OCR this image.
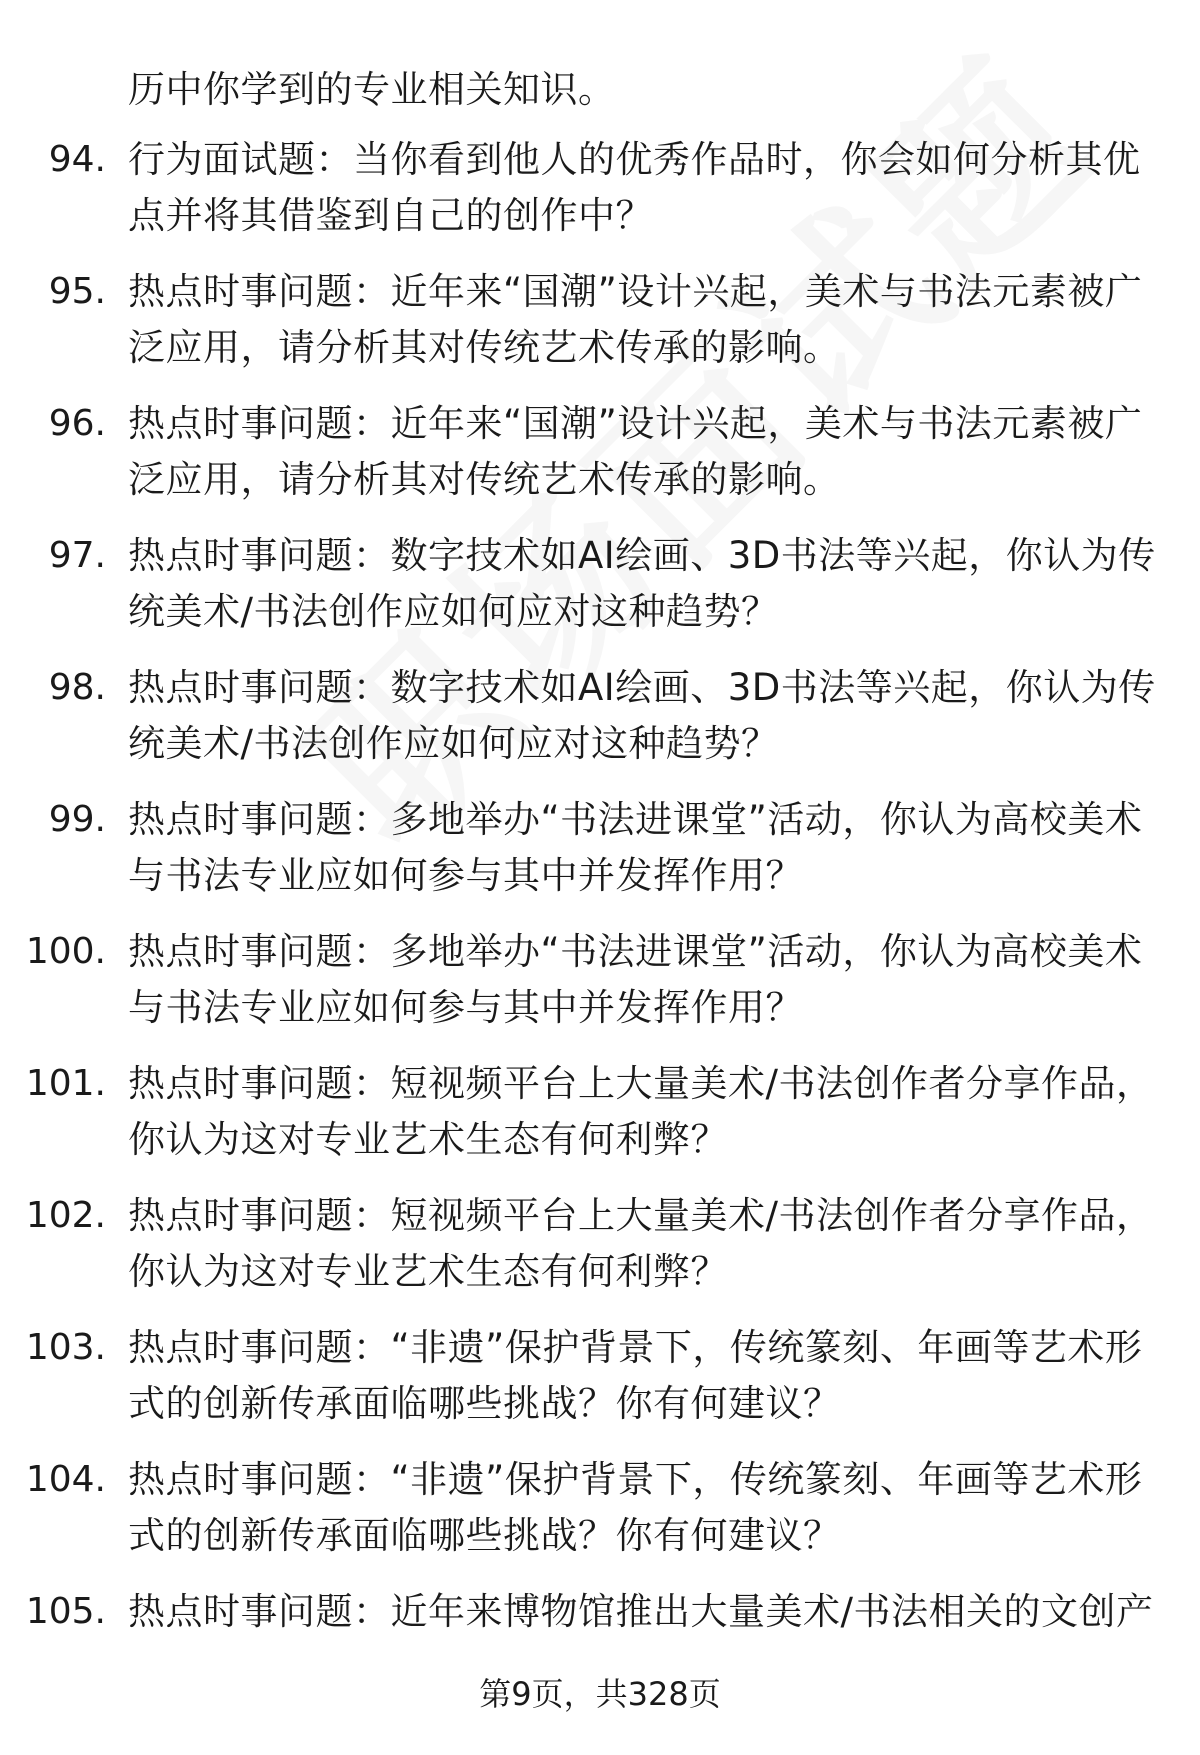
历中你学到的专业相关知识。
94. 行为面试题：当你看到他人的优秀作品时，你会如何分析其优点并将其借鉴到自己的创作中？
95. 热点时事问题：近年来“国潮”设计兴起，美术与书法元素被广泛应用，请分析其对传统艺术传承的影响。
96. 热点时事问题：近年来“国潮”设计兴起，美术与书法元素被广泛应用，请分析其对传统艺术传承的影响。
97. 热点时事问题：数字技术如AI绘画、3D书法等兴起，你认为传统美术/书法创作应如何应对这种趋势？
98. 热点时事问题：数字技术如AI绘画、3D书法等兴起，你认为传统美术/书法创作应如何应对这种趋势？
99. 热点时事问题：多地举办“书法进课堂”活动，你认为高校美术与书法专业应如何参与其中并发挥作用？
100. 热点时事问题：多地举办“书法进课堂”活动，你认为高校美术与书法专业应如何参与其中并发挥作用？
101. 热点时事问题：短视频平台上大量美术/书法创作者分享作品，你认为这对专业艺术生态有何利弊？
102. 热点时事问题：短视频平台上大量美术/书法创作者分享作品，你认为这对专业艺术生态有何利弊？
103. 热点时事问题：“非遗”保护背景下，传统篆刻、年画等艺术形式的创新传承面临哪些挑战？你有何建议？
104. 热点时事问题：“非遗”保护背景下，传统篆刻、年画等艺术形式的创新传承面临哪些挑战？你有何建议？
105. 热点时事问题：近年来博物馆推出大量美术/书法相关的文创产
第9页，共328页
